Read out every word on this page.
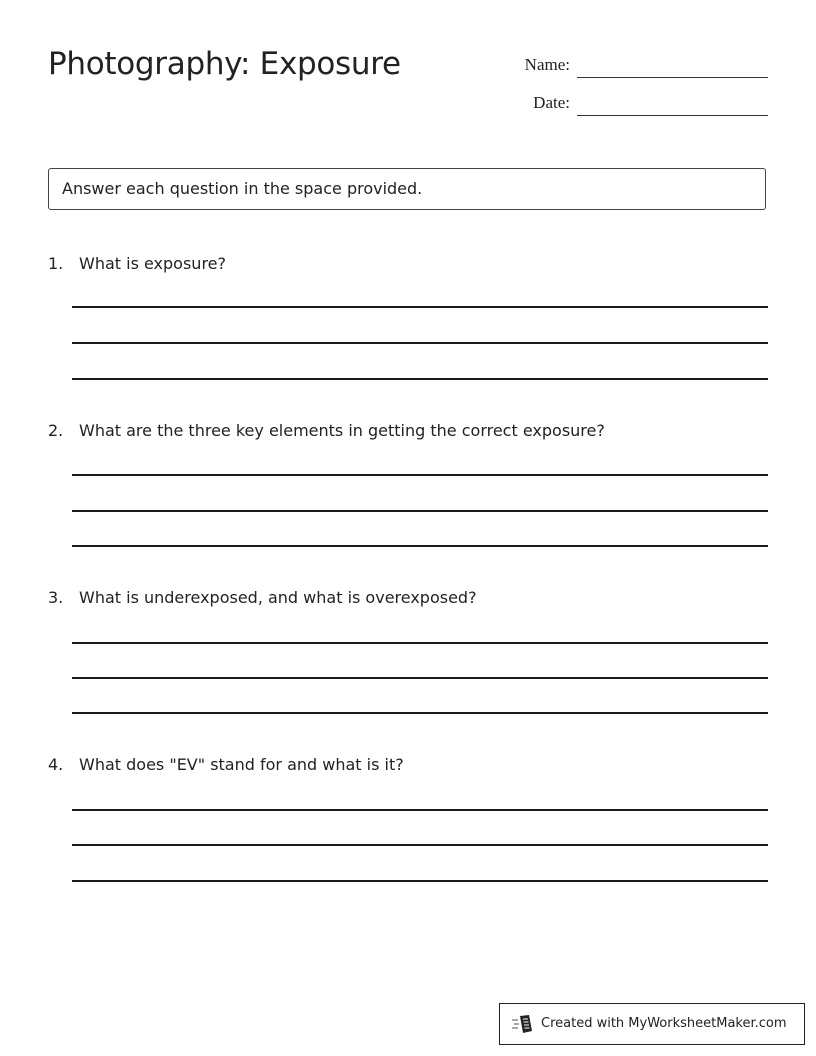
Photography: Exposure	Name:
Date:
Answer each question in the space provided.
1. What is exposure?
2. What are the three key elements in getting the correct exposure?
3. What is underexposed, and what is overexposed?
4. What does "EV" stand for and what is it?
Created with MyWorksheetMaker.com
